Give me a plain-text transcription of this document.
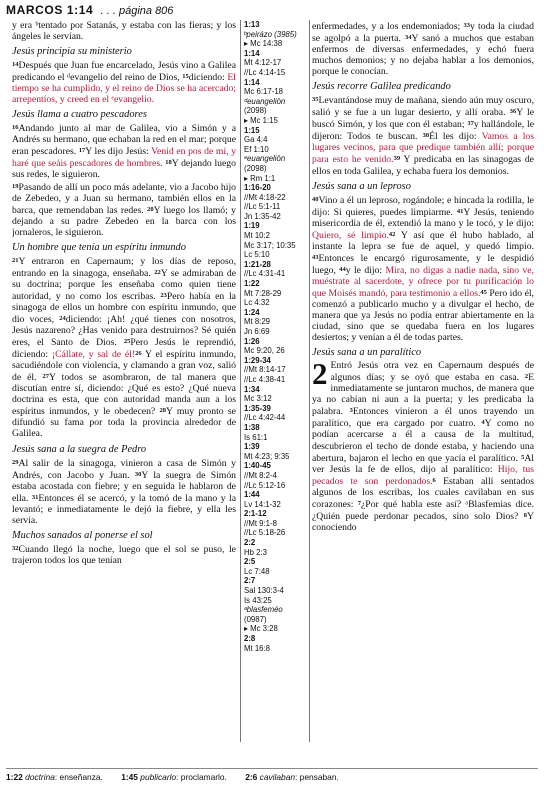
MARCOS 1:14 . . . página 806

y era ᵇtentado por Satanás, y estaba con las fieras; y los ángeles le servían.

Jesús principia su ministerio

$^{14}$Después que Juan fue encarcelado, Jesús vino a Galilea predicando el ᵈevangelio del reino de Dios, $^{15}$diciendo: El tiempo se ha cumplido, y el reino de Dios se ha acercado; arrepentíos, y creed en el ᵉevangelio.

Jesús llama a cuatro pescadores

$^{16}$Andando junto al mar de Galilea, vio a Simón y a Andrés su hermano, que echaban la red en el mar; porque eran pescadores. $^{17}$Y les dijo Jesús: Venid en pos de mí, y haré que seáis pescadores de hombres. $^{18}$Y dejando luego sus redes, le siguieron.

$^{19}$Pasando de allí un poco más adelante, vio a Jacobo hijo de Zebedeo, y a Juan su hermano, también ellos en la barca, que remendaban las redes. $^{20}$Y luego los llamó; y dejando a su padre Zebedeo en la barca con los jornaleros, le siguieron.

Un hombre que tenía un espíritu inmundo

$^{21}$Y entraron en Capernaum; y los días de reposo, entrando en la sinagoga, enseñaba. $^{22}$Y se admiraban de su doctrina; porque les enseñaba como quien tiene autoridad, y no como los escribas. $^{23}$Pero había en la sinagoga de ellos un hombre con espíritu inmundo, que dio voces, $^{24}$diciendo: ¡Ah! ¿qué tienes con nosotros, Jesús nazareno? ¿Has venido para destruirnos? Sé quién eres, el Santo de Dios. $^{25}$Pero Jesús le reprendió, diciendo: ¡Cállate, y sal de él!$^{26}$ Y el espíritu inmundo, sacudiéndole con violencia, y clamando a gran voz, salió de él. $^{27}$Y todos se asombraron, de tal manera que discutían entre sí, diciendo: ¿Qué es esto? ¿Qué nueva doctrina es esta, que con autoridad manda aun a los espíritus inmundos, y le obedecen? $^{28}$Y muy pronto se difundió su fama por toda la provincia alrededor de Galilea.

Jesús sana a la suegra de Pedro

$^{29}$Al salir de la sinagoga, vinieron a casa de Simón y Andrés, con Jacobo y Juan. $^{30}$Y la suegra de Simón estaba acostada con fiebre; y en seguida le hablaron de ella. $^{31}$Entonces él se acercó, y la tomó de la mano y la levantó; e inmediatamente le dejó la fiebre, y ella les servía.

Muchos sanados al ponerse el sol

$^{32}$Cuando llegó la noche, luego que el sol se puso, le trajeron todos los que tenían

1:13
ᵇpeirázo (3985)
▸ Mc 14:38
1:14
Mt 4:12-17
//Lc 4:14-15
1:14
Mc 6:17-18
ᵈeuangeliōn
(2098)
▸ Mc 1:15
1:15
Ga 4:4
Ef 1:10
ᵉeuangeliōn
(2098)
▸ Rm 1:1
1:16-20
//Mt 4:18-22
//Lc 5:1-11
Jn 1:35-42
1:19
Mt 10:2
Mc 3:17; 10:35
Lc 5:10
1:21-28
//Lc 4:31-41
1:22
Mt 7:28-29
Lc 4:32
1:24
Mt 8:29
Jn 6:69
1:26
Mc 9:20, 26
1:29-34
//Mt 8:14-17
//Lc 4:38-41
1:34
Mc 3:12
1:35-39
//Lc 4:42-44
1:38
Is 61:1
1:39
Mt 4:23; 9:35
1:40-45
//Mt 8:2-4
//Lc 5:12-16
1:44
Lv 14:1-32
2:1-12
//Mt 9:1-8
//Lc 5:18-26
2:2
Hb 2:3
2:5
Lc 7:48
2:7
Sal 130:3-4
Is 43:25
ᵃblasfeméo
(0987)
▸ Mc 3:28
2:8
Mt 16:8

enfermedades, y a los endemoniados; $^{33}$y toda la ciudad se agolpó a la puerta. $^{34}$Y sanó a muchos que estaban enfermos de diversas enfermedades, y echó fuera muchos demonios; y no dejaba hablar a los demonios, porque le conocían.

Jesús recorre Galilea predicando

$^{35}$Levantándose muy de mañana, siendo aún muy oscuro, salió y se fue a un lugar desierto, y allí oraba. $^{36}$Y le buscó Simón, y los que con él estaban; $^{37}$y hallándole, le dijeron: Todos te buscan. $^{38}$Él les dijo: Vamos a los lugares vecinos, para que predique también allí; porque para esto he venido.$^{39}$ Y predicaba en las sinagogas de ellos en toda Galilea, y echaba fuera los demonios.

Jesús sana a un leproso

$^{40}$Vino a él un leproso, rogándole; e hincada la rodilla, le dijo: Si quieres, puedes limpiarme. $^{41}$Y Jesús, teniendo misericordia de él, extendió la mano y le tocó, y le dijo: Quiero, sé limpio.$^{42}$ Y así que él hubo hablado, al instante la lepra se fue de aquel, y quedó limpio. $^{43}$Entonces le encargó rigurosamente, y le despidió luego, $^{44}$y le dijo: Mira, no digas a nadie nada, sino ve, muéstrate al sacerdote, y ofrece por tu purificación lo que Moisés mandó, para testimonio a ellos.$^{45}$ Pero ido él, comenzó a publicarlo mucho y a divulgar el hecho, de manera que ya Jesús no podía entrar abiertamente en la ciudad, sino que se quedaba fuera en los lugares desiertos; y venían a él de todas partes.

Jesús sana a un paralítico

2 Entró Jesús otra vez en Capernaum después de algunos días; y se oyó que estaba en casa. $^2$E inmediatamente se juntaron muchos, de manera que ya no cabían ni aun a la puerta; y les predicaba la palabra. $^3$Entonces vinieron a él unos trayendo un paralítico, que era cargado por cuatro. $^4$Y como no podían acercarse a él a causa de la multitud, descubrieron el techo de donde estaba, y haciendo una abertura, bajaron el lecho en que yacía el paralítico. $^5$Al ver Jesús la fe de ellos, dijo al paralítico: Hijo, tus pecados te son perdonados.$^6$ Estaban allí sentados algunos de los escribas, los cuales cavilaban en sus corazones: $^7$¿Por qué habla este así? ᵃBlasfemias dice. ¿Quién puede perdonar pecados, sino solo Dios? $^8$Y conociendo

1:22 doctrina: enseñanza. 1:45 publicarlo: proclamarlo. 2:6 cavilaban: pensaban.
